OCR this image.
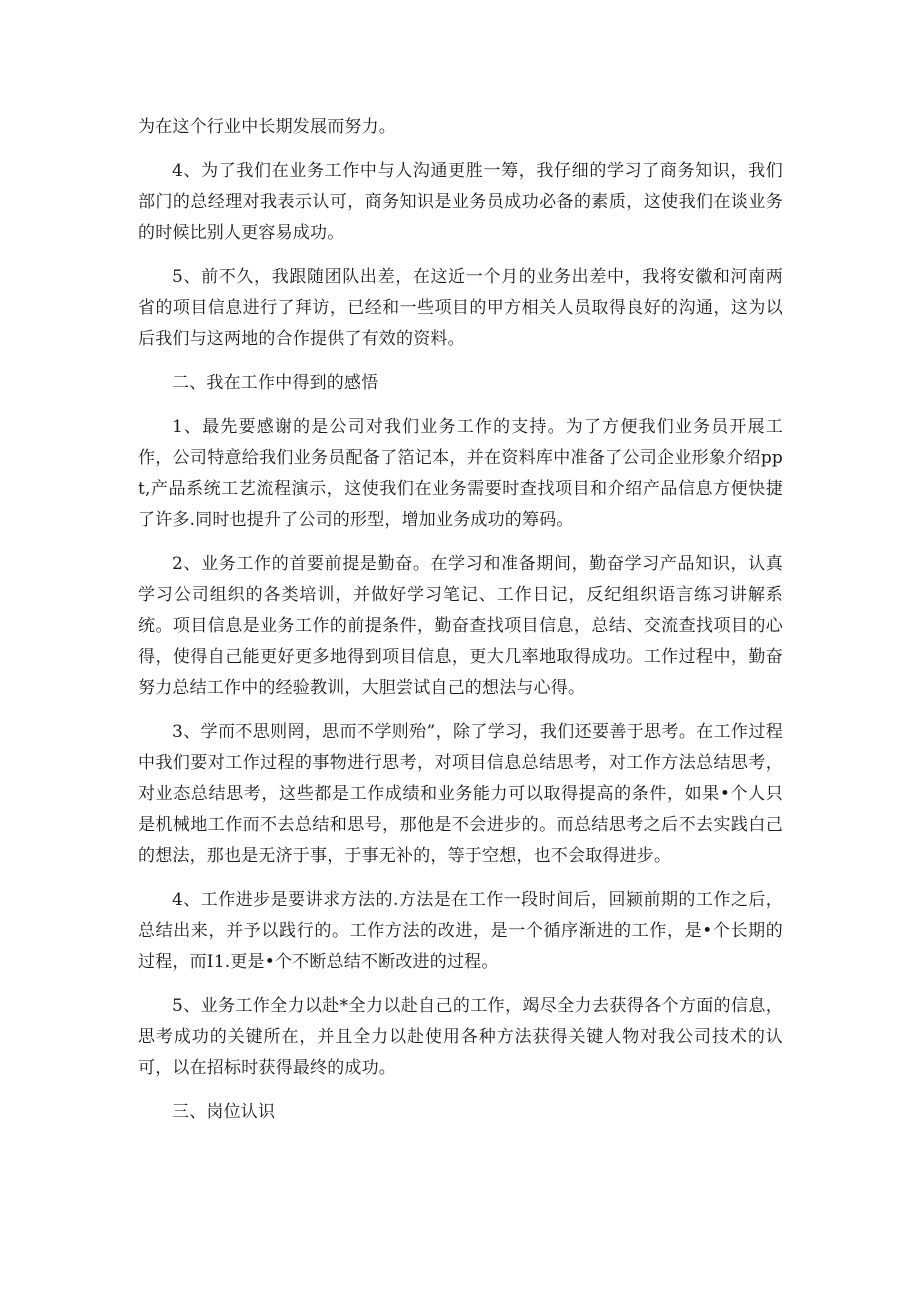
为在这个行业中长期发展而努力。

4、为了我们在业务工作中与人沟通更胜一筹，我仔细的学习了商务知识，我们部门的总经理对我表示认可，商务知识是业务员成功必备的素质，这使我们在谈业务的时候比别人更容易成功。

5、前不久，我跟随团队出差，在这近一个月的业务出差中，我将安徽和河南两省的项目信息进行了拜访，已经和一些项目的甲方相关人员取得良好的沟通，这为以后我们与这两地的合作提供了有效的资料。

二、我在工作中得到的感悟

1、最先要感谢的是公司对我们业务工作的支持。为了方便我们业务员开展工作，公司特意给我们业务员配备了箔记本，并在资料库中准备了公司企业形象介绍ppt,产品系统工艺流程演示，这使我们在业务需要时查找项目和介绍产品信息方便快捷了许多.同时也提升了公司的形型，增加业务成功的筹码。

2、业务工作的首要前提是勤奋。在学习和准备期间，勤奋学习产品知识，认真学习公司组织的各类培训，并做好学习笔记、工作日记，反纪组织语言练习讲解系统。项目信息是业务工作的前提条件，勤奋查找项目信息，总结、交流查找项目的心得，使得自己能更好更多地得到项目信息，更大几率地取得成功。工作过程中，勤奋努力总结工作中的经验教训，大胆尝试自己的想法与心得。

3、学而不思则罔，思而不学则殆”，除了学习，我们还要善于思考。在工作过程中我们要对工作过程的事物进行思考，对项目信息总结思考，对工作方法总结思考，对业态总结思考，这些都是工作成绩和业务能力可以取得提高的条件，如果•个人只是机械地工作而不去总结和思号，那他是不会进步的。而总结思考之后不去实践白己的想法，那也是无济于事，于事无补的，等于空想，也不会取得进步。

4、工作进步是要讲求方法的.方法是在工作一段时间后，回颍前期的工作之后，总结出来，并予以践行的。工作方法的改进，是一个循序渐进的工作，是•个长期的过程，而I1.更是•个不断总结不断改进的过程。

5、业务工作全力以赴*全力以赴自己的工作，竭尽全力去获得各个方面的信息，思考成功的关键所在，并且全力以赴使用各种方法获得关键人物对我公司技术的认可，以在招标时获得最终的成功。

三、岗位认识
